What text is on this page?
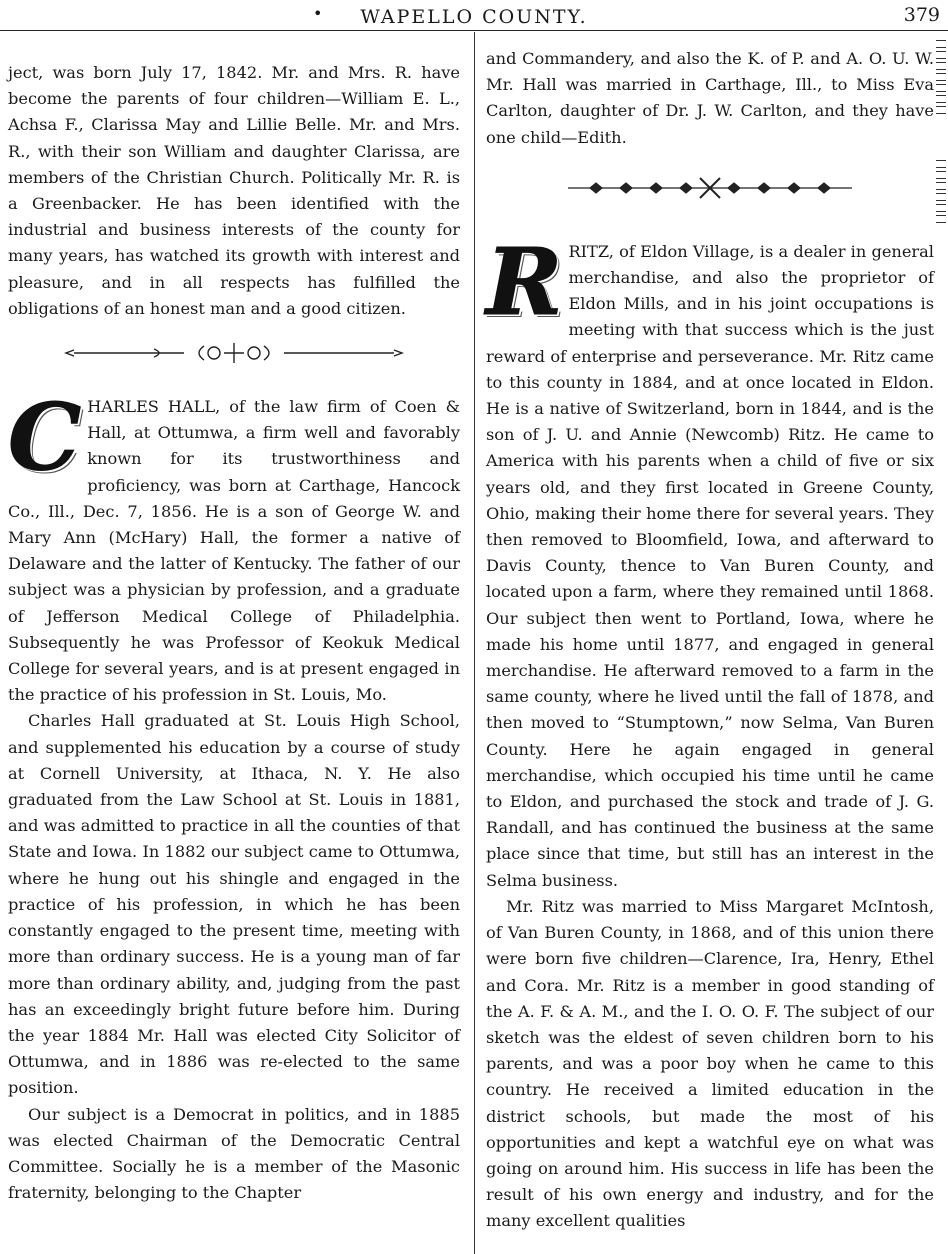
•	WAPELLO COUNTY.	379

ject, was born July 17, 1842. Mr. and Mrs. R. have become the parents of four children—William E. L., Achsa F., Clarissa May and Lillie Belle. Mr. and Mrs. R., with their son William and daughter Clarissa, are members of the Christian Church. Politically Mr. R. is a Greenbacker. He has been identified with the industrial and business interests of the county for many years, has watched its growth with interest and pleasure, and in all respects has fulfilled the obligations of an honest man and a good citizen.

CHARLES HALL, of the law firm of Coen & Hall, at Ottumwa, a firm well and favorably known for its trustworthiness and proficiency, was born at Carthage, Hancock Co., Ill., Dec. 7, 1856. He is a son of George W. and Mary Ann (McHary) Hall, the former a native of Delaware and the latter of Kentucky. The father of our subject was a physician by profession, and a graduate of Jefferson Medical College of Philadelphia. Subsequently he was Professor of Keokuk Medical College for several years, and is at present engaged in the practice of his profession in St. Louis, Mo.

Charles Hall graduated at St. Louis High School, and supplemented his education by a course of study at Cornell University, at Ithaca, N. Y. He also graduated from the Law School at St. Louis in 1881, and was admitted to practice in all the counties of that State and Iowa. In 1882 our subject came to Ottumwa, where he hung out his shingle and engaged in the practice of his profession, in which he has been constantly engaged to the present time, meeting with more than ordinary success. He is a young man of far more than ordinary ability, and, judging from the past has an exceedingly bright future before him. During the year 1884 Mr. Hall was elected City Solicitor of Ottumwa, and in 1886 was re-elected to the same position.

Our subject is a Democrat in politics, and in 1885 was elected Chairman of the Democratic Central Committee. Socially he is a member of the Masonic fraternity, belonging to the Chapter

and Commandery, and also the K. of P. and A. O. U. W. Mr. Hall was married in Carthage, Ill., to Miss Eva Carlton, daughter of Dr. J. W. Carlton, and they have one child—Edith.

RRITZ, of Eldon Village, is a dealer in general merchandise, and also the proprietor of Eldon Mills, and in his joint occupations is meeting with that success which is the just reward of enterprise and perseverance. Mr. Ritz came to this county in 1884, and at once located in Eldon. He is a native of Switzerland, born in 1844, and is the son of J. U. and Annie (Newcomb) Ritz. He came to America with his parents when a child of five or six years old, and they first located in Greene County, Ohio, making their home there for several years. They then removed to Bloomfield, Iowa, and afterward to Davis County, thence to Van Buren County, and located upon a farm, where they remained until 1868. Our subject then went to Portland, Iowa, where he made his home until 1877, and engaged in general merchandise. He afterward removed to a farm in the same county, where he lived until the fall of 1878, and then moved to “Stumptown,” now Selma, Van Buren County. Here he again engaged in general merchandise, which occupied his time until he came to Eldon, and purchased the stock and trade of J. G. Randall, and has continued the business at the same place since that time, but still has an interest in the Selma business.

Mr. Ritz was married to Miss Margaret McIntosh, of Van Buren County, in 1868, and of this union there were born five children—Clarence, Ira, Henry, Ethel and Cora. Mr. Ritz is a member in good standing of the A. F. & A. M., and the I. O. O. F. The subject of our sketch was the eldest of seven children born to his parents, and was a poor boy when he came to this country. He received a limited education in the district schools, but made the most of his opportunities and kept a watchful eye on what was going on around him. His success in life has been the result of his own energy and industry, and for the many excellent qualities
